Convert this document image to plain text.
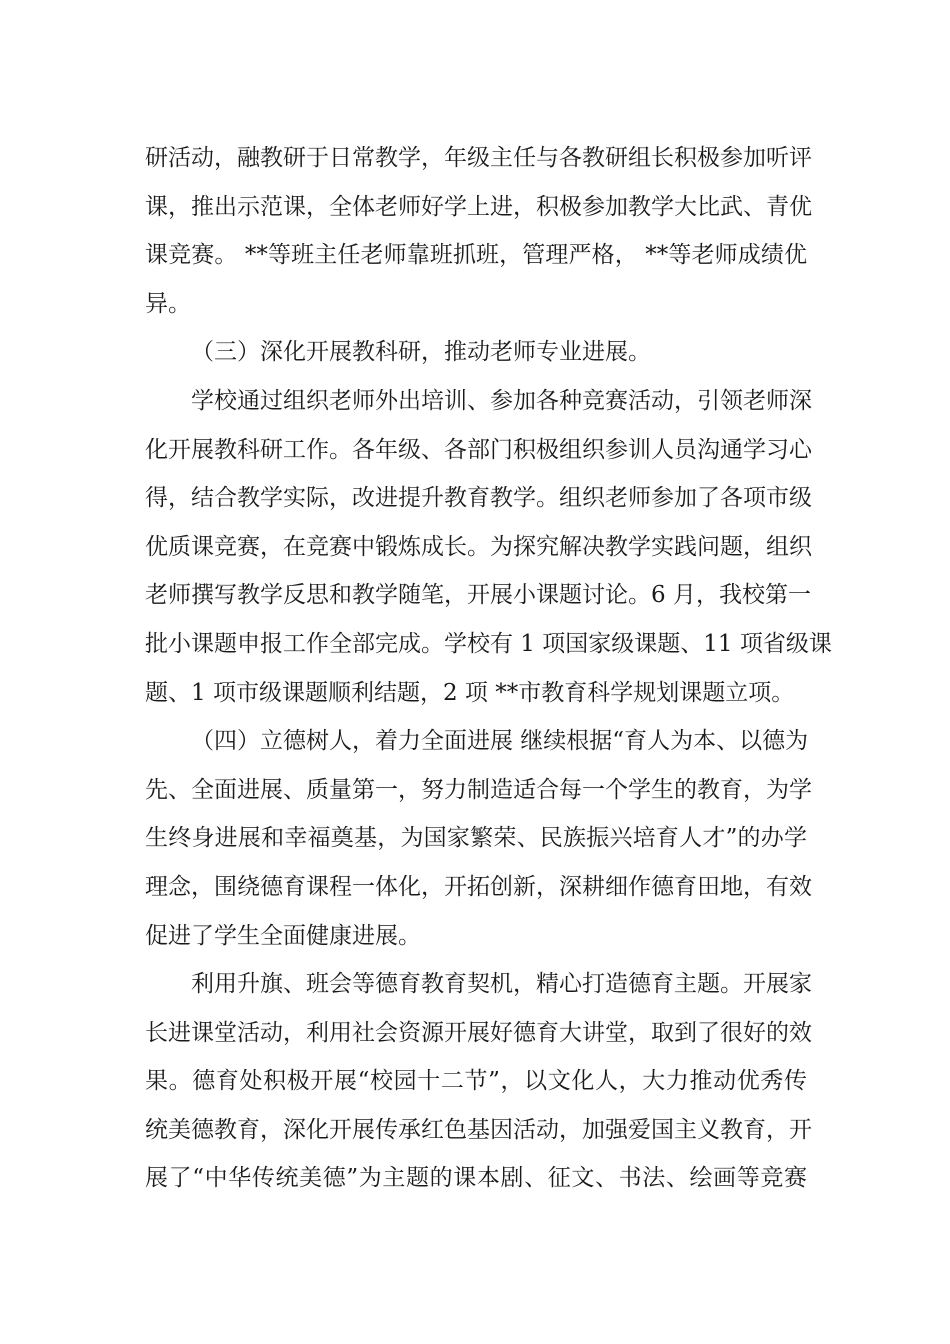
研活动，融教研于日常教学，年级主任与各教研组长积极参加听评
课，推出示范课，全体老师好学上进，积极参加教学大比武、青优
课竞赛。 **等班主任老师靠班抓班，管理严格， **等老师成绩优
异。
（三）深化开展教科研，推动老师专业进展。
学校通过组织老师外出培训、参加各种竞赛活动，引领老师深
化开展教科研工作。各年级、各部门积极组织参训人员沟通学习心
得，结合教学实际，改进提升教育教学。组织老师参加了各项市级
优质课竞赛，在竞赛中锻炼成长。为探究解决教学实践问题，组织
老师撰写教学反思和教学随笔，开展小课题讨论。6 月，我校第一
批小课题申报工作全部完成。学校有 1 项国家级课题、11 项省级课
题、1 项市级课题顺利结题，2 项 **市教育科学规划课题立项。
（四）立德树人，着力全面进展 继续根据“育人为本、以德为
先、全面进展、质量第一，努力制造适合每一个学生的教育，为学
生终身进展和幸福奠基，为国家繁荣、民族振兴培育人才”的办学
理念，围绕德育课程一体化，开拓创新，深耕细作德育田地，有效
促进了学生全面健康进展。
利用升旗、班会等德育教育契机，精心打造德育主题。开展家
长进课堂活动，利用社会资源开展好德育大讲堂，取到了很好的效
果。德育处积极开展“校园十二节”，以文化人，大力推动优秀传
统美德教育，深化开展传承红色基因活动，加强爱国主义教育，开
展了“中华传统美德”为主题的课本剧、征文、书法、绘画等竞赛
